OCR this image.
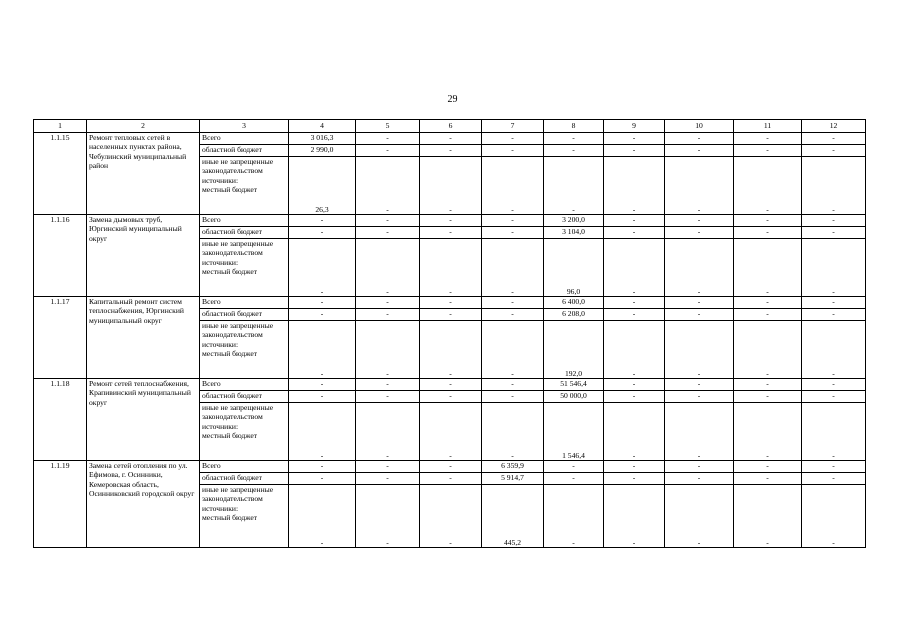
29
1	2	3	4	5	6	7	8	9	10	11	12
1.1.15	Ремонт тепловых сетей в населенных пунктах района, Чебулинский муниципальный район	Всего	3 016,3	-	-	-	-	-	-	-	-
		областной бюджет	2 990,0	-	-	-	-	-	-	-	-

		иные не запрещенные законодательством источники:
местный бюджет	26,3	-	-	-	-	-	-	-	-
1.1.16	Замена дымовых труб, Юргинский муниципальный округ	Всего	-	-	-	-	3 200,0	-	-	-	-
		областной бюджет	-	-	-	-	3 104,0	-	-	-	-

		иные не запрещенные законодательством источники:
местный бюджет	-	-	-	-	96,0	-	-	-	-
1.1.17	Капитальный ремонт систем теплоснабжения, Юргинский муниципальный округ	Всего	-	-	-	-	6 400,0	-	-	-	-
		областной бюджет	-	-	-	-	6 208,0	-	-	-	-

		иные не запрещенные законодательством источники:
местный бюджет	-	-	-	-	192,0	-	-	-	-
1.1.18	Ремонт сетей теплоснабжения, Крапивинский муниципальный округ	Всего	-	-	-	-	51 546,4	-	-	-	-
		областной бюджет	-	-	-	-	50 000,0	-	-	-	-

		иные не запрещенные законодательством источники:
местный бюджет	-	-	-	-	1 546,4	-	-	-	-
1.1.19	Замена сетей отопления по ул. Ефимова, г. Осинники, Кемеровская область, Осинниковский городской округ	Всего	-	-	-	6 359,9	-	-	-	-	-
		областной бюджет	-	-	-	5 914,7	-	-	-	-	-

		иные не запрещенные законодательством источники:
местный бюджет	-	-	-	445,2	-	-	-	-	-
